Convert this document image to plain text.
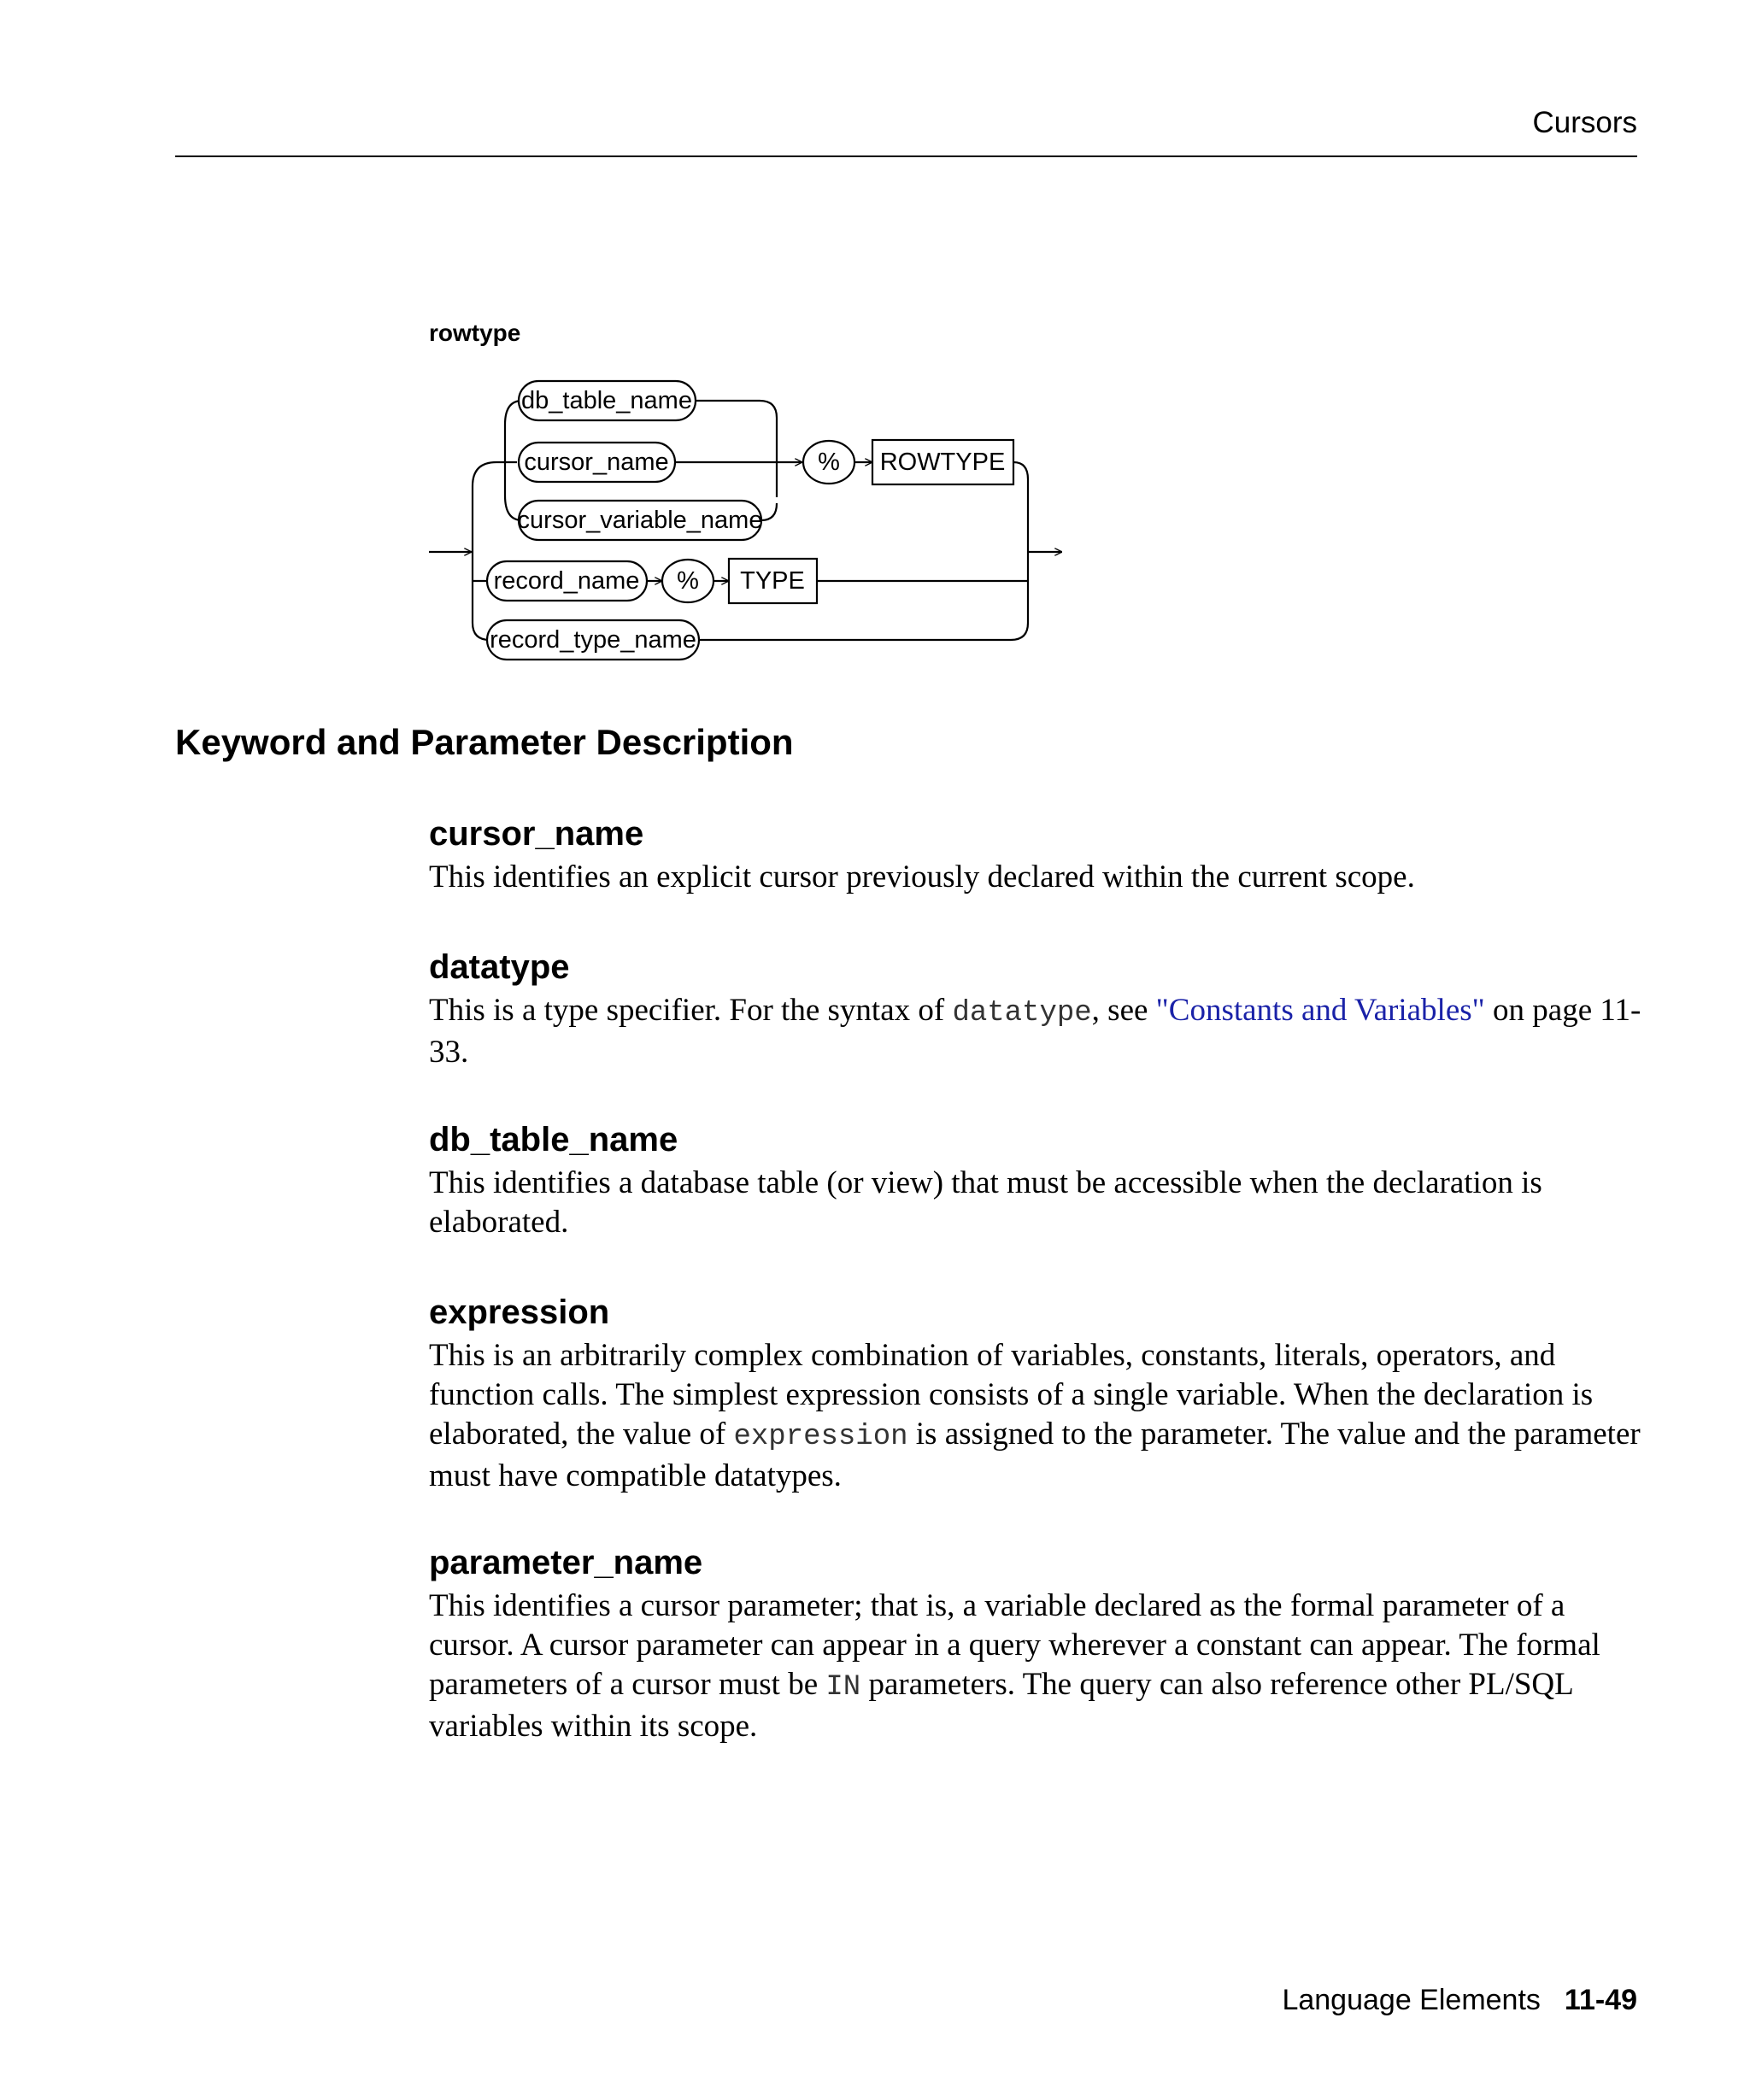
Cursors
rowtype
db_table_name
cursor_name
cursor_variable_name
% ROWTYPE
record_name % TYPE
record_type_name
Keyword and Parameter Description

cursor_name

This identifies an explicit cursor previously declared within the current scope.

datatype

This is a type specifier. For the syntax of datatype, see "Constants and Variables" on page 11-33.

db_table_name

This identifies a database table (or view) that must be accessible when the declaration is elaborated.

expression

This is an arbitrarily complex combination of variables, constants, literals, operators, and function calls. The simplest expression consists of a single variable. When the declaration is elaborated, the value of expression is assigned to the parameter. The value and the parameter must have compatible datatypes.

parameter_name

This identifies a cursor parameter; that is, a variable declared as the formal parameter of a cursor. A cursor parameter can appear in a query wherever a constant can appear. The formal parameters of a cursor must be IN parameters. The query can also reference other PL/SQL variables within its scope.

Language Elements 11-49
